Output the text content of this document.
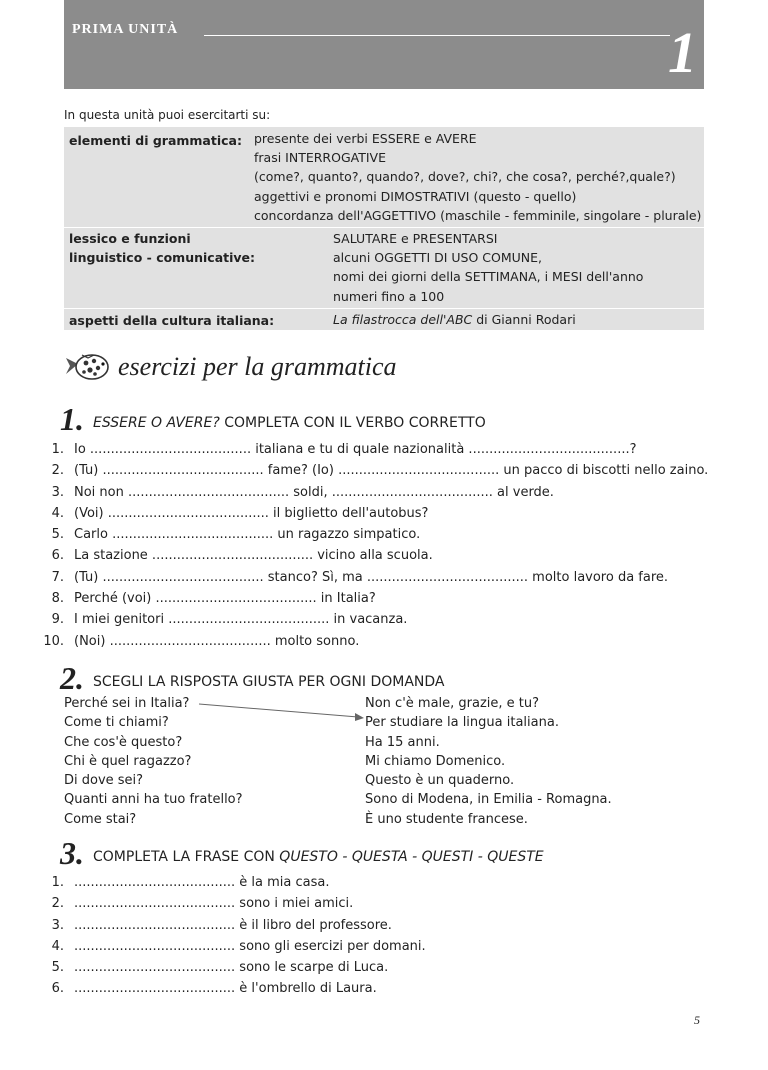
PRIMA UNITÀ	1
In questa unità puoi esercitarti su:
elementi di grammatica: presente dei verbi ESSERE e AVERE
frasi INTERROGATIVE
(come?, quanto?, quando?, dove?, chi?, che cosa?, perché?,quale?)
aggettivi e pronomi DIMOSTRATIVI (questo - quello)
concordanza dell'AGGETTIVO (maschile - femminile, singolare - plurale)
lessico e funzioni
linguistico - comunicative:
SALUTARE e PRESENTARSI
alcuni OGGETTI DI USO COMUNE,
nomi dei giorni della SETTIMANA, i MESI dell'anno
numeri fino a 100
aspetti della cultura italiana:	La filastrocca dell'ABC di Gianni Rodari
esercizi per la grammatica
1. ESSERE O AVERE? COMPLETA CON IL VERBO CORRETTO
1. Io ....................................... italiana e tu di quale nazionalità .......................................?
2. (Tu) ....................................... fame? (Io) ....................................... un pacco di biscotti nello zaino.
3. Noi non ....................................... soldi, ....................................... al verde.
4. (Voi) ....................................... il biglietto dell'autobus?
5. Carlo ....................................... un ragazzo simpatico.
6. La stazione ....................................... vicino alla scuola.
7. (Tu) ....................................... stanco? Sì, ma ....................................... molto lavoro da fare.
8. Perché (voi) ....................................... in Italia?
9. I miei genitori ....................................... in vacanza.
10. (Noi) ....................................... molto sonno.
2. SCEGLI LA RISPOSTA GIUSTA PER OGNI DOMANDA
Perché sei in Italia?
Come ti chiami?
Che cos'è questo?
Chi è quel ragazzo?
Di dove sei?
Quanti anni ha tuo fratello?
Come stai?
Non c'è male, grazie, e tu?
Per studiare la lingua italiana.
Ha 15 anni.
Mi chiamo Domenico.
Questo è un quaderno.
Sono di Modena, in Emilia - Romagna.
È uno studente francese.
3. COMPLETA LA FRASE CON QUESTO - QUESTA - QUESTI - QUESTE
1. ....................................... è la mia casa.
2. ....................................... sono i miei amici.
3. ....................................... è il libro del professore.
4. ....................................... sono gli esercizi per domani.
5. ....................................... sono le scarpe di Luca.
6. ....................................... è l'ombrello di Laura.
5
